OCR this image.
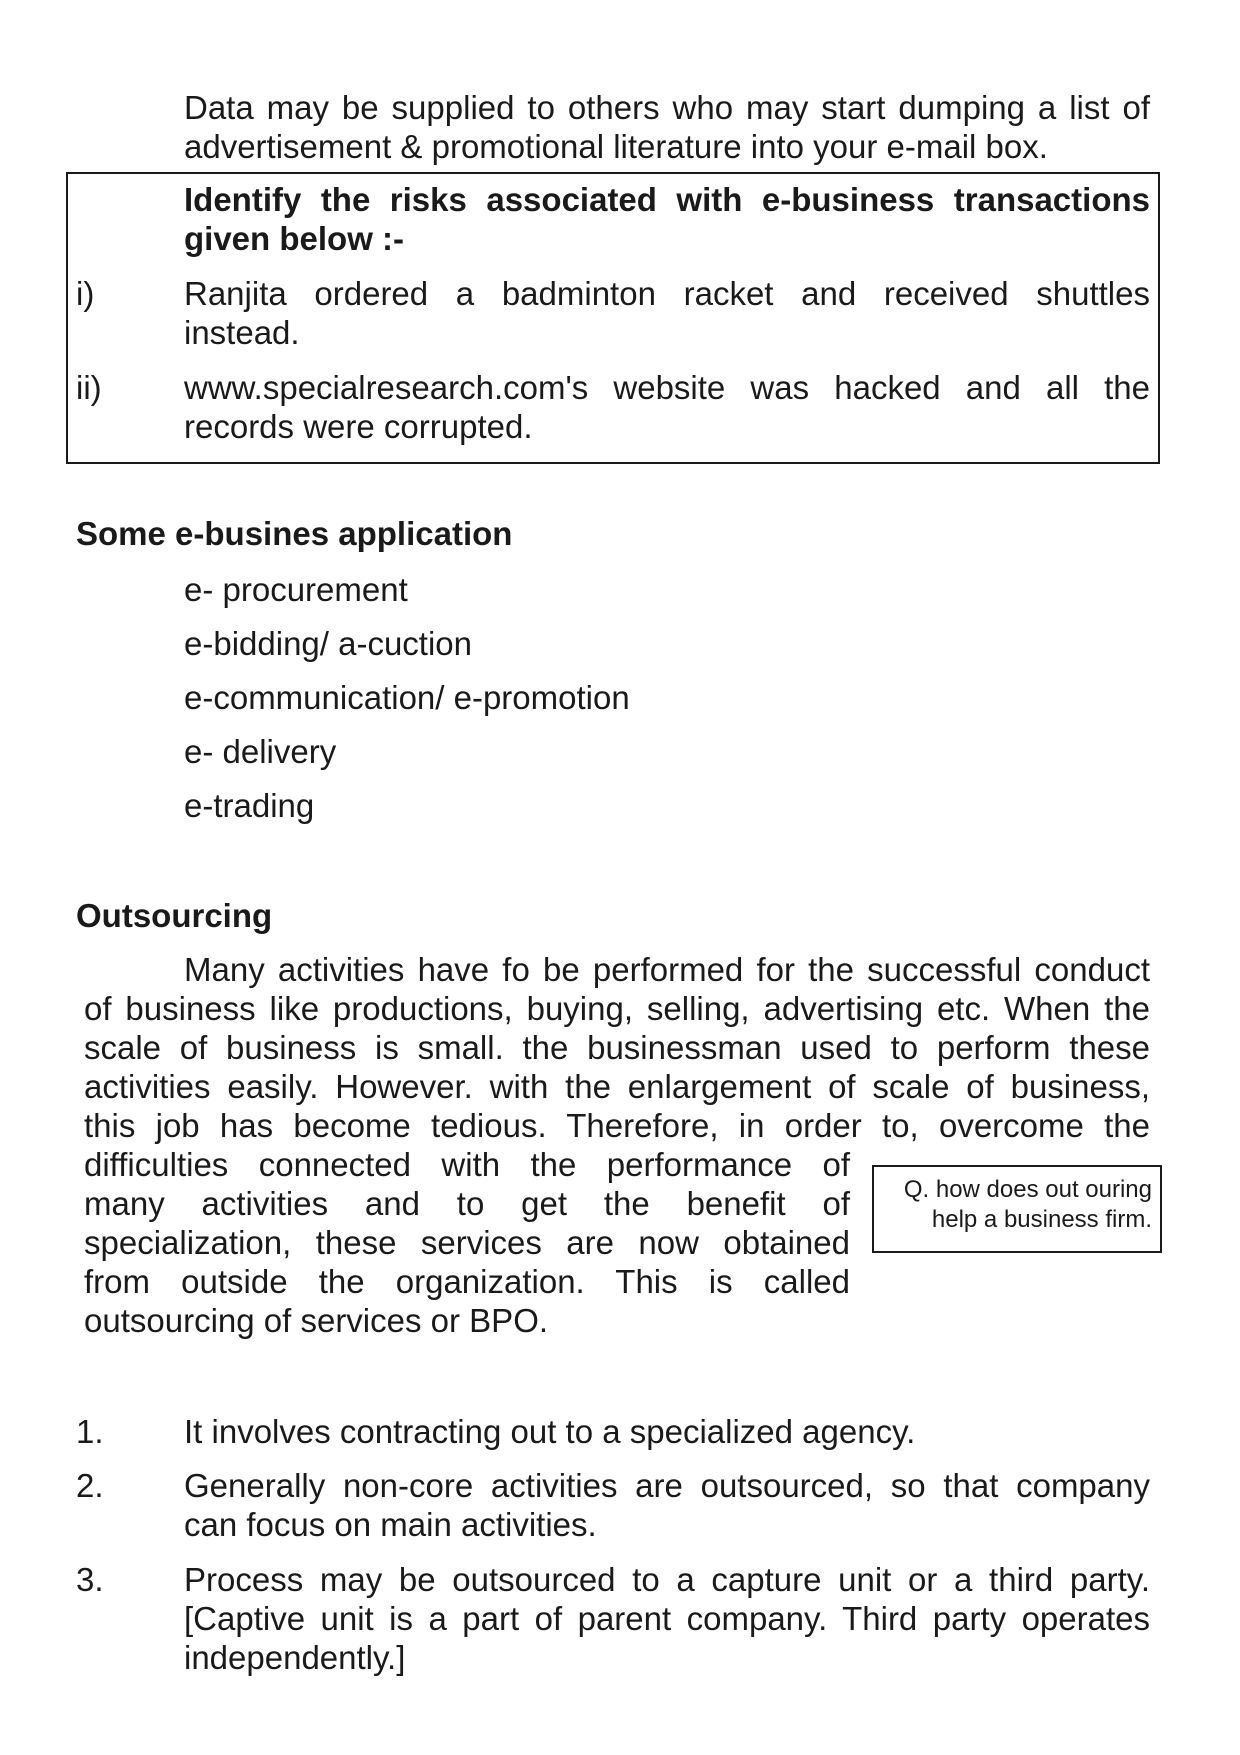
Data may be supplied to others who may start dumping a list of
advertisement & promotional literature into your e-mail box.
Identify the risks associated with e-business transactions
given below :-
i)	Ranjita ordered a badminton racket and received shuttles
instead.
ii) www.specialresearch.com's website was hacked and all the
records were corrupted.
Some e-busines application
e- procurement
e-bidding/ a-cuction
e-communication/ e-promotion
e- delivery
e-trading
Outsourcing
Many activities have fo be performed for the successful conduct
of business like productions, buying, selling, advertising etc. When the
scale of business is small. the businessman used to perform these
activities easily. However. with the enlargement of scale of business,
this job has become tedious. Therefore, in order to, overcome the
difficulties connected with the performance of
many activities and to get the benefit of
specialization, these services are now obtained
from outside the organization. This is called
outsourcing of services or BPO.
Q. how does out ouring
help a business firm.
1. It involves contracting out to a specialized agency.
2. Generally non-core activities are outsourced, so that company
can focus on main activities.
3. Process may be outsourced to a capture unit or a third party.
[Captive unit is a part of parent company. Third party operates
independently.]
